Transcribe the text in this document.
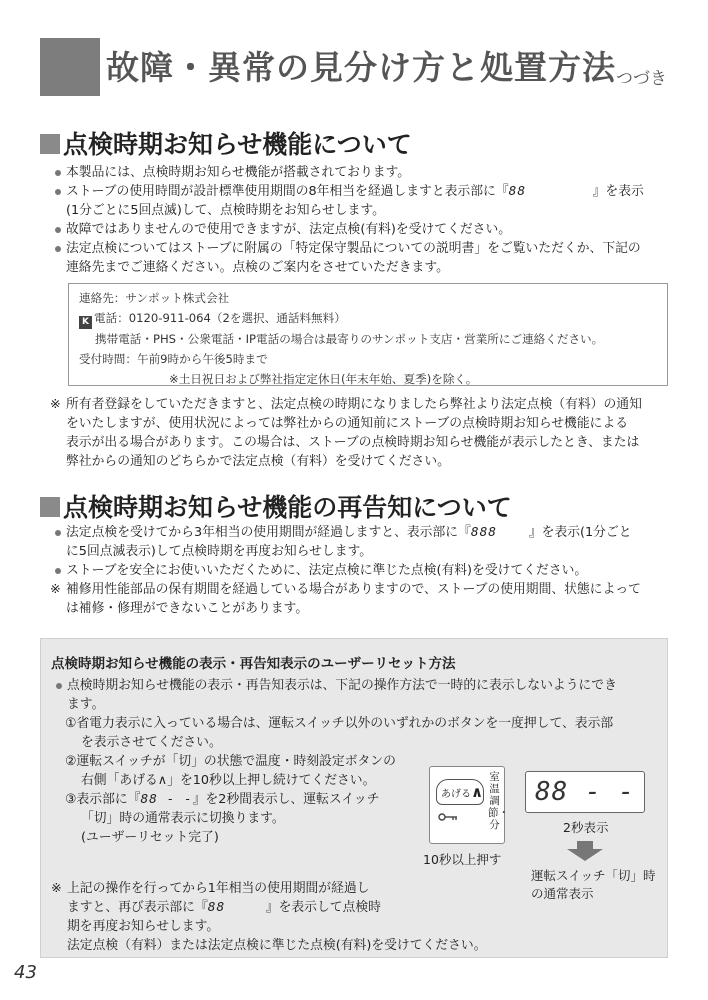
故障・異常の見分け方と処置方法 つづき
点検時期お知らせ機能について
本製品には、点検時期お知らせ機能が搭載されております。
ストーブの使用時間が設計標準使用期間の8年相当を経過しますと表示部に『88	』を表示
(1分ごとに5回点滅)して、点検時期をお知らせします。
故障ではありませんので使用できますが、法定点検(有料)を受けてください。
法定点検についてはストーブに附属の「特定保守製品についての説明書」をご覧いただくか、下記の
連絡先までご連絡ください。点検のご案内をさせていただきます。
連絡先：サンポット株式会社
K 電話：0120-911-064（2を選択、通話料無料）
携帯電話・PHS・公衆電話・IP電話の場合は最寄りのサンポット支店・営業所にご連絡ください。
受付時間：午前9時から午後5時まで
※土日祝日および弊社指定定休日(年末年始、夏季)を除く。
※ 所有者登録をしていただきますと、法定点検の時期になりましたら弊社より法定点検（有料）の通知
をいたしますが、使用状況によっては弊社からの通知前にストーブの点検時期お知らせ機能による
表示が出る場合があります。この場合は、ストーブの点検時期お知らせ機能が表示したとき、または
弊社からの通知のどちらかで法定点検（有料）を受けてください。
点検時期お知らせ機能の再告知について
法定点検を受けてから3年相当の使用期間が経過しますと、表示部に『888 』を表示(1分ごと
に5回点滅表示)して点検時期を再度お知らせします。
ストーブを安全にお使いいただくために、法定点検に準じた点検(有料)を受けてください。
※ 補修用性能部品の保有期間を経過している場合がありますので、ストーブの使用期間、状態によって
は補修・修理ができないことがあります。
点検時期お知らせ機能の表示・再告知表示のユーザーリセット方法
点検時期お知らせ機能の表示・再告知表示は、下記の操作方法で一時的に表示しないようにでき
ます。
①省電力表示に入っている場合は、運転スイッチ以外のいずれかのボタンを一度押して、表示部
を表示させてください。
②運転スイッチが「切」の状態で温度・時刻設定ボタンの
右側「あげる∧」を10秒以上押し続けてください。
③表示部に『88 - -』を2秒間表示し、運転スイッチ
「切」時の通常表示に切換ります。
(ユーザーリセット完了)
あげる∧
室温調節・分
10秒以上押す
88 - -
2秒表示
運転スイッチ「切」時
の通常表示
※ 上記の操作を行ってから1年相当の使用期間が経過し
ますと、再び表示部に『88	』を表示して点検時
期を再度お知らせします。
法定点検（有料）または法定点検に準じた点検(有料)を受けてください。
43
